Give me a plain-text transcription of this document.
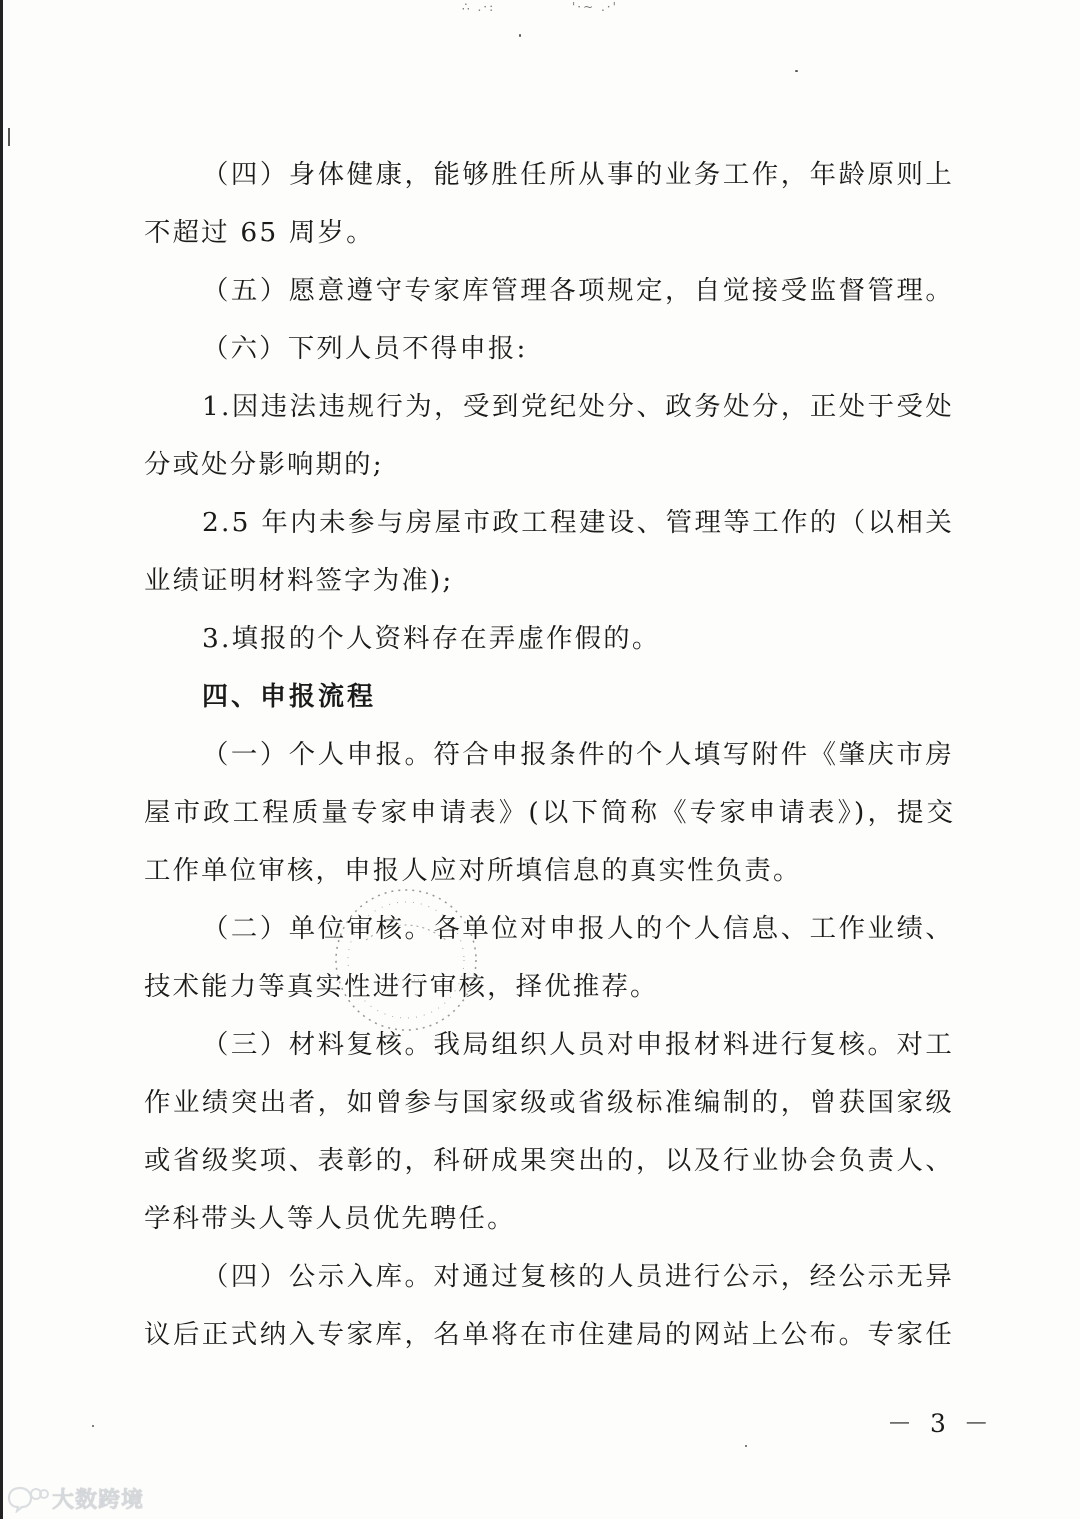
∴ .·:	'·~ .·'
（四）身体健康，能够胜任所从事的业务工作，年龄原则上
不超过 65 周岁。
（五）愿意遵守专家库管理各项规定，自觉接受监督管理。
（六）下列人员不得申报:
1.因违法违规行为，受到党纪处分、政务处分，正处于受处
分或处分影响期的;
2.5 年内未参与房屋市政工程建设、管理等工作的（以相关
业绩证明材料签字为准);
3.填报的个人资料存在弄虚作假的。
四、申报流程
（一）个人申报。符合申报条件的个人填写附件《肇庆市房
屋市政工程质量专家申请表》(以下简称《专家申请表》)，提交
工作单位审核，申报人应对所填信息的真实性负责。
（二）单位审核。各单位对申报人的个人信息、工作业绩、
技术能力等真实性进行审核，择优推荐。
（三）材料复核。我局组织人员对申报材料进行复核。对工
作业绩突出者，如曾参与国家级或省级标准编制的，曾获国家级
或省级奖项、表彰的，科研成果突出的，以及行业协会负责人、
学科带头人等人员优先聘任。
（四）公示入库。对通过复核的人员进行公示，经公示无异
议后正式纳入专家库，名单将在市住建局的网站上公布。专家任
－ 3 －
大数跨境
